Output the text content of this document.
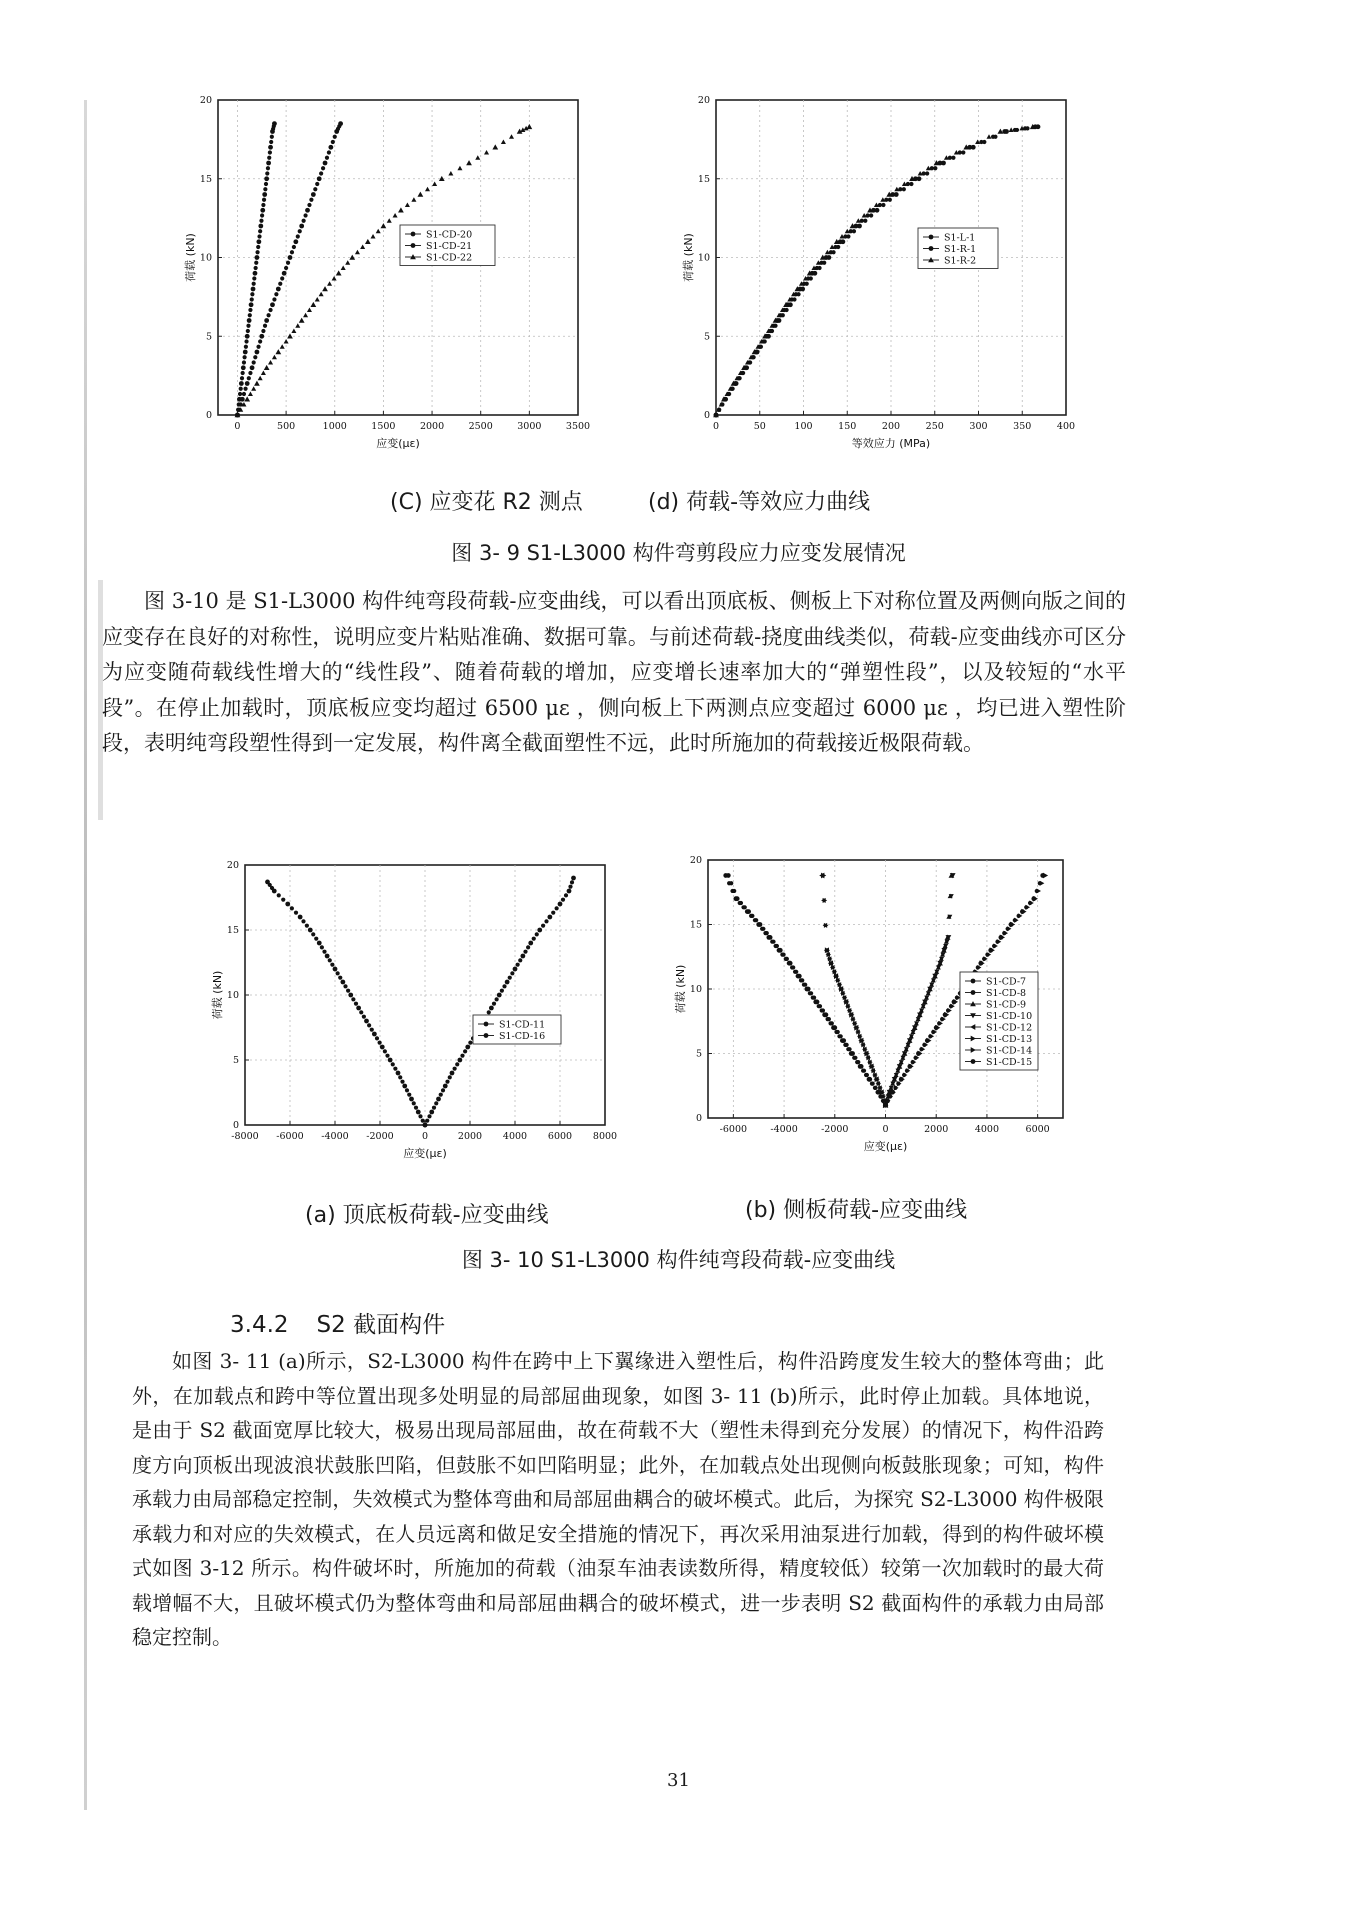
0	500	1000	1500	2000	2500	3000	3500
0
5
10
15
20
应变(με)
荷载 (kN)	S1-CD-20
S1-CD-21
S1-CD-22
0	50	100	150	200	250	300	350	400
0
5
10
15
20
等效应力 (MPa)
荷载 (kN)	S1-L-1
S1-R-1
S1-R-2
(C) 应变花 R2 测点	(d) 荷载-等效应力曲线
图 3- 9 S1-L3000 构件弯剪段应力应变发展情况
图 3-10 是 S1-L3000 构件纯弯段荷载-应变曲线，可以看出顶底板、侧板上下对称位置及两侧向版之间的应变存在良好的对称性，说明应变片粘贴准确、数据可靠。与前述荷载-挠度曲线类似，荷载-应变曲线亦可区分为应变随荷载线性增大的“线性段”、随着荷载的增加，应变增长速率加大的“弹塑性段”，以及较短的“水平段”。在停止加载时，顶底板应变均超过 6500 με ，侧向板上下两测点应变超过 6000 με ，均已进入塑性阶段，表明纯弯段塑性得到一定发展，构件离全截面塑性不远，此时所施加的荷载接近极限荷载。
-8000 -6000 -4000 -2000	0	2000 4000 6000 8000
0
5
10
15
20
应变(με)
荷载 (kN)
S1-CD-11
S1-CD-16
-6000 -4000 -2000	0	2000	4000	6000
0
5
10
15
20
应变(με)
荷载 (kN)	S1-CD-7
S1-CD-8
S1-CD-9
S1-CD-10
S1-CD-12
S1-CD-13
S1-CD-14
S1-CD-15
(a) 顶底板荷载-应变曲线	(b) 侧板荷载-应变曲线
图 3- 10 S1-L3000 构件纯弯段荷载-应变曲线
3.4.2 S2 截面构件
如图 3- 11 (a)所示，S2-L3000 构件在跨中上下翼缘进入塑性后，构件沿跨度发生较大的整体弯曲；此外，在加载点和跨中等位置出现多处明显的局部屈曲现象，如图 3- 11 (b)所示，此时停止加载。具体地说，是由于 S2 截面宽厚比较大，极易出现局部屈曲，故在荷载不大（塑性未得到充分发展）的情况下，构件沿跨度方向顶板出现波浪状鼓胀凹陷，但鼓胀不如凹陷明显；此外，在加载点处出现侧向板鼓胀现象；可知，构件承载力由局部稳定控制，失效模式为整体弯曲和局部屈曲耦合的破坏模式。此后，为探究 S2-L3000 构件极限承载力和对应的失效模式，在人员远离和做足安全措施的情况下，再次采用油泵进行加载，得到的构件破坏模式如图 3-12 所示。构件破坏时，所施加的荷载（油泵车油表读数所得，精度较低）较第一次加载时的最大荷载增幅不大，且破坏模式仍为整体弯曲和局部屈曲耦合的破坏模式，进一步表明 S2 截面构件的承载力由局部稳定控制。
31
